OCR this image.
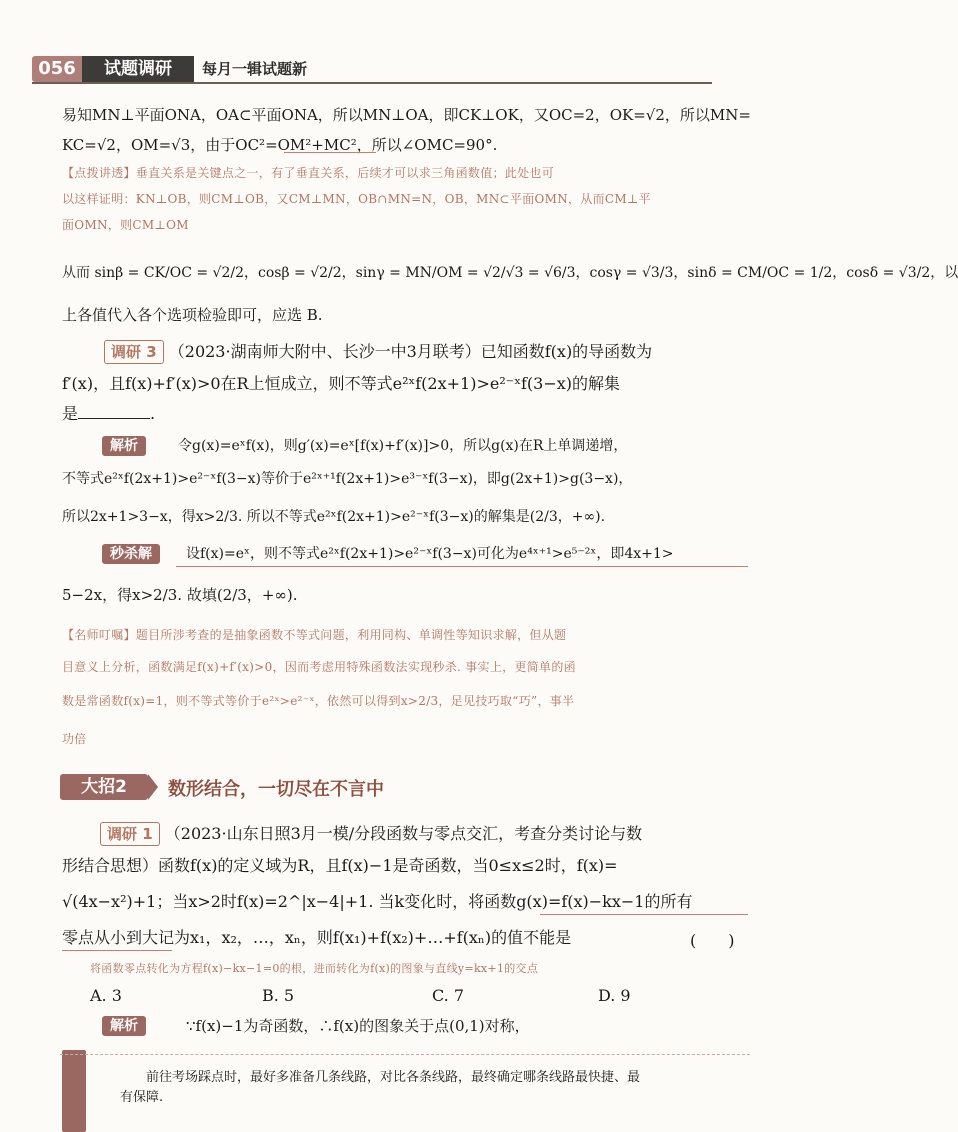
056	试题调研	每月一辑试题新
易知MN⊥平面ONA，OA⊂平面ONA，所以MN⊥OA，即CK⊥OK，又OC=2，OK=√2，所以MN=
KC=√2，OM=√3，由于OC²=OM²+MC²，所以∠OMC=90°.
【点拨讲透】垂直关系是关键点之一，有了垂直关系，后续才可以求三角函数值；此处也可
以这样证明：KN⊥OB，则CM⊥OB，又CM⊥MN，OB∩MN=N，OB，MN⊂平面OMN，从而CM⊥平
面OMN，则CM⊥OM
从而 sinβ = CK/OC = √2/2，cosβ = √2/2，sinγ = MN/OM = √2/√3 = √6/3，cosγ = √3/3，sinδ = CM/OC = 1/2，cosδ = √3/2，以
上各值代入各个选项检验即可，应选 B.
调研 3 （2023·湖南师大附中、长沙一中3月联考）已知函数f(x)的导函数为
f′(x)，且f(x)+f′(x)>0在R上恒成立，则不等式e²ˣf(2x+1)>e²⁻ˣf(3−x)的解集
是	.
解析	令g(x)=eˣf(x)，则g′(x)=eˣ[f(x)+f′(x)]>0，所以g(x)在R上单调递增，
不等式e²ˣf(2x+1)>e²⁻ˣf(3−x)等价于e²ˣ⁺¹f(2x+1)>e³⁻ˣf(3−x)，即g(2x+1)>g(3−x)，
所以2x+1>3−x，得x>2/3. 所以不等式e²ˣf(2x+1)>e²⁻ˣf(3−x)的解集是(2/3，+∞).
秒杀解	设f(x)=eˣ，则不等式e²ˣf(2x+1)>e²⁻ˣf(3−x)可化为e⁴ˣ⁺¹>e⁵⁻²ˣ，即4x+1>
5−2x，得x>2/3. 故填(2/3，+∞).
【名师叮嘱】题目所涉考查的是抽象函数不等式问题，利用同构、单调性等知识求解，但从题
目意义上分析，函数满足f(x)+f′(x)>0，因而考虑用特殊函数法实现秒杀. 事实上，更简单的函
数是常函数f(x)=1，则不等式等价于e²ˣ>e²⁻ˣ，依然可以得到x>2/3，足见技巧取“巧”，事半
功倍
大招2	数形结合，一切尽在不言中
调研 1 （2023·山东日照3月一模/分段函数与零点交汇，考查分类讨论与数
形结合思想）函数f(x)的定义域为R，且f(x)−1是奇函数，当0≤x≤2时，f(x)=
√(4x−x²)+1；当x>2时f(x)=2^|x−4|+1. 当k变化时，将函数g(x)=f(x)−kx−1的所有
零点从小到大记为x₁，x₂，…，xₙ，则f(x₁)+f(x₂)+…+f(xₙ)的值不能是	(　　)
将函数零点转化为方程f(x)−kx−1=0的根，进而转化为f(x)的图象与直线y=kx+1的交点
A. 3	B. 5	C. 7	D. 9
解析	∵f(x)−1为奇函数，∴f(x)的图象关于点(0,1)对称，
前往考场踩点时，最好多准备几条线路，对比各条线路，最终确定哪条线路最快捷、最
有保障.
